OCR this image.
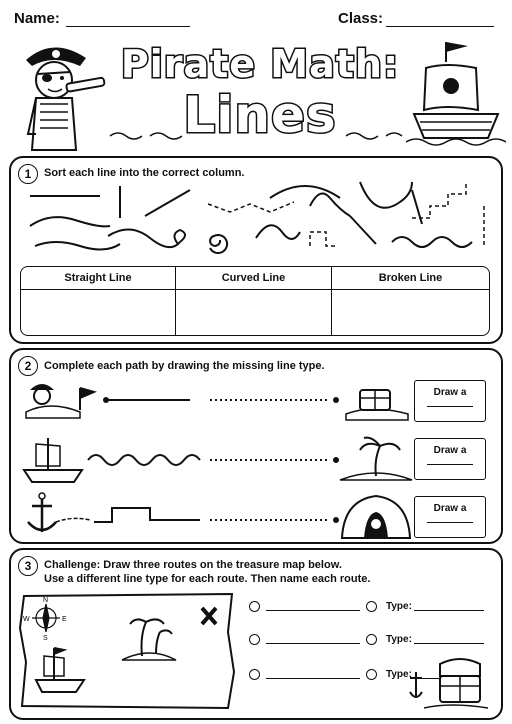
Name:	Class:
Pirate Math:
Lines
1	Sort each line into the correct column.
Straight Line	Curved Line	Broken Line
2	Complete each path by drawing the missing line type.
Draw a
Draw a
Draw a
3	Challenge: Draw three routes on the treasure map below.
Use a different line type for each route. Then name each route.
N
S
E
W
Type:
Type:
Type:
